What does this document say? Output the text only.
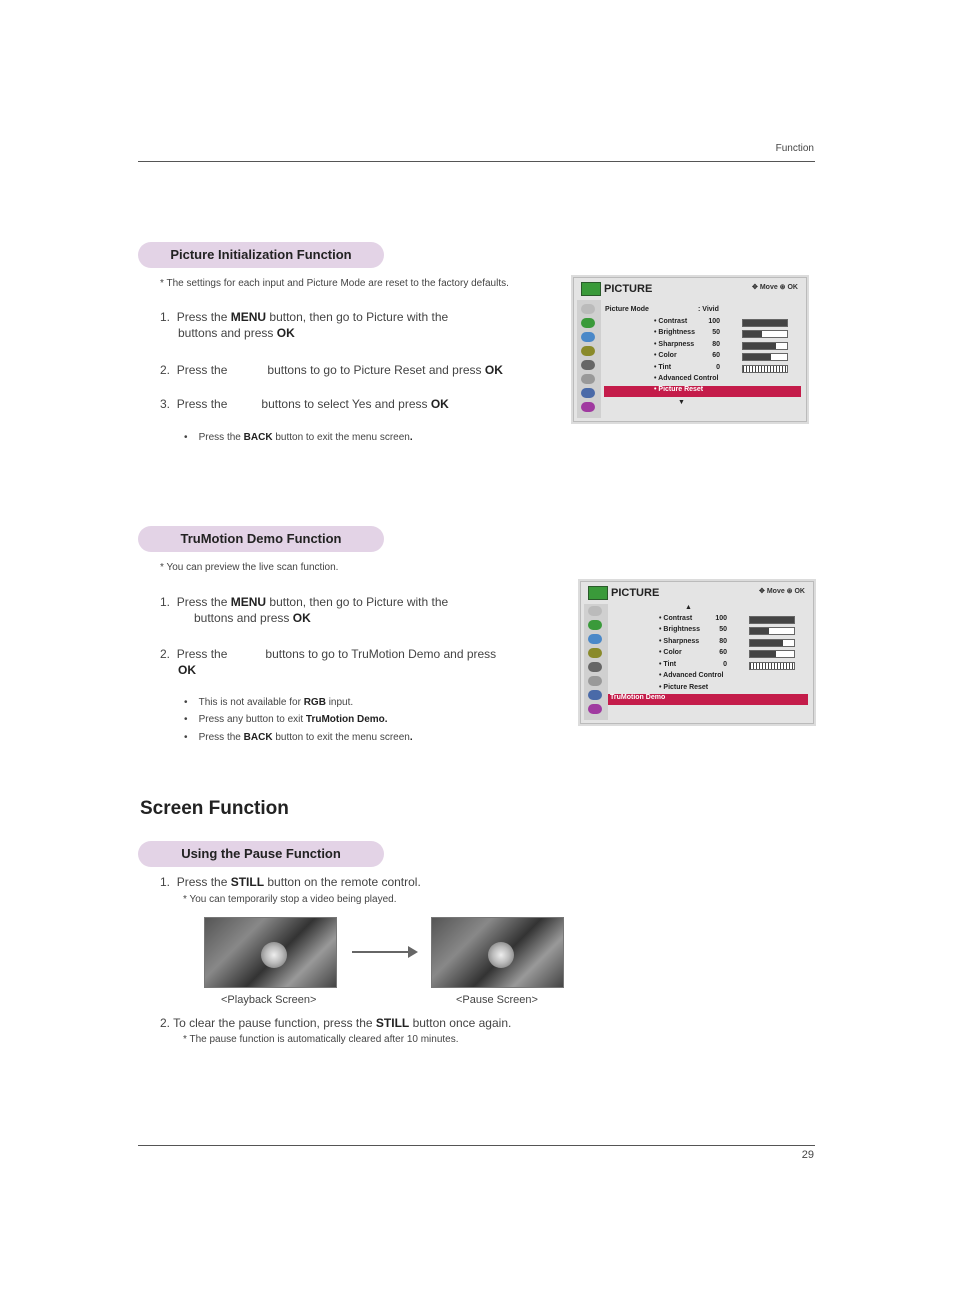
Function
29
Picture Initialization Function
* The settings for each input and Picture Mode are reset to the factory defaults.
1. Press the MENU button, then go to Picture with the
buttons and press OK
2. Press the	buttons to go to Picture Reset and press OK
3. Press the	buttons to select Yes and press OK
•    Press the BACK button to exit the menu screen.
PICTURE	✥ Move ⊛ OK
Picture Mode	: Vivid
• Contrast	100
• Brightness	50
• Sharpness	80
• Color	60
• Tint	0
• Advanced Control
• Picture Reset
▼
TruMotion Demo Function
* You can preview the live scan function.
1. Press the MENU button, then go to Picture with the
buttons and press OK
2. Press the	buttons to go to TruMotion Demo and press
OK
•    This is not available for RGB input.
•    Press any button to exit TruMotion Demo.
•    Press the BACK button to exit the menu screen.
PICTURE	✥ Move ⊛ OK
▲
• Contrast	100
• Brightness	50
• Sharpness	80
• Color	60
• Tint	0
• Advanced Control
• Picture Reset
TruMotion Demo
Screen Function
Using the Pause Function
1. Press the STILL button on the remote control.
* You can temporarily stop a video being played.
<Playback Screen>	<Pause Screen>
2. To clear the pause function, press the STILL button once again.
* The pause function is automatically cleared after 10 minutes.
